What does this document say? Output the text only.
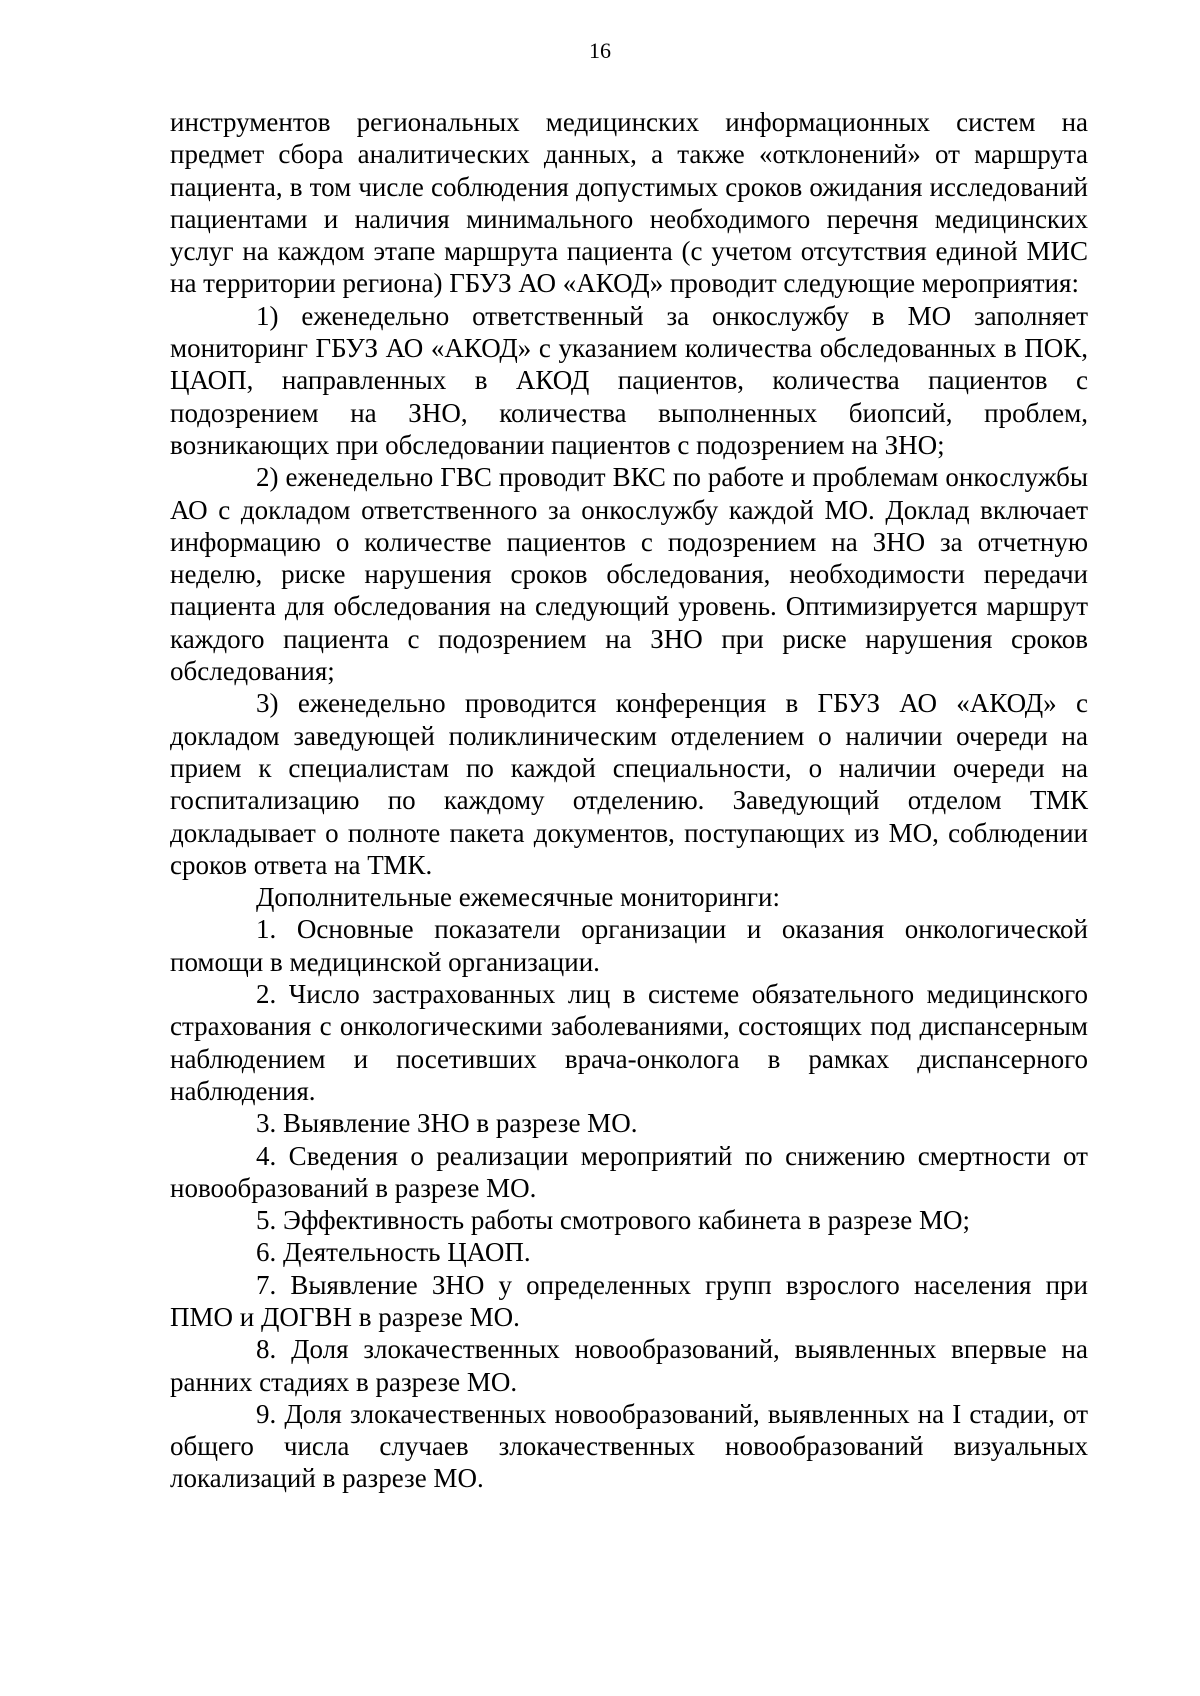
16

инструментов региональных медицинских информационных систем на предмет сбора аналитических данных, а также «отклонений» от маршрута пациента, в том числе соблюдения допустимых сроков ожидания исследований пациентами и наличия минимального необходимого перечня медицинских услуг на каждом этапе маршрута пациента (с учетом отсутствия единой МИС на территории региона) ГБУЗ АО «АКОД» проводит следующие мероприятия:

1) еженедельно ответственный за онкослужбу в МО заполняет мониторинг ГБУЗ АО «АКОД» с указанием количества обследованных в ПОК, ЦАОП, направленных в АКОД пациентов, количества пациентов с подозрением на ЗНО, количества выполненных биопсий, проблем, возникающих при обследовании пациентов с подозрением на ЗНО;

2) еженедельно ГВС проводит ВКС по работе и проблемам онкослужбы АО с докладом ответственного за онкослужбу каждой МО. Доклад включает информацию о количестве пациентов с подозрением на ЗНО за отчетную неделю, риске нарушения сроков обследования, необходимости передачи пациента для обследования на следующий уровень. Оптимизируется маршрут каждого пациента с подозрением на ЗНО при риске нарушения сроков обследования;

3) еженедельно проводится конференция в ГБУЗ АО «АКОД» с докладом заведующей поликлиническим отделением о наличии очереди на прием к специалистам по каждой специальности, о наличии очереди на госпитализацию по каждому отделению. Заведующий отделом ТМК докладывает о полноте пакета документов, поступающих из МО, соблюдении сроков ответа на ТМК.

Дополнительные ежемесячные мониторинги:

1. Основные показатели организации и оказания онкологической помощи в медицинской организации.

2. Число застрахованных лиц в системе обязательного медицинского страхования с онкологическими заболеваниями, состоящих под диспансерным наблюдением и посетивших врача-онколога в рамках диспансерного наблюдения.

3. Выявление ЗНО в разрезе МО.

4. Сведения о реализации мероприятий по снижению смертности от новообразований в разрезе МО.

5. Эффективность работы смотрового кабинета в разрезе МО;

6. Деятельность ЦАОП.

7. Выявление ЗНО у определенных групп взрослого населения при ПМО и ДОГВН в разрезе МО.

8. Доля злокачественных новообразований, выявленных впервые на ранних стадиях в разрезе МО.

9. Доля злокачественных новообразований, выявленных на I стадии, от общего числа случаев злокачественных новообразований визуальных локализаций в разрезе МО.
